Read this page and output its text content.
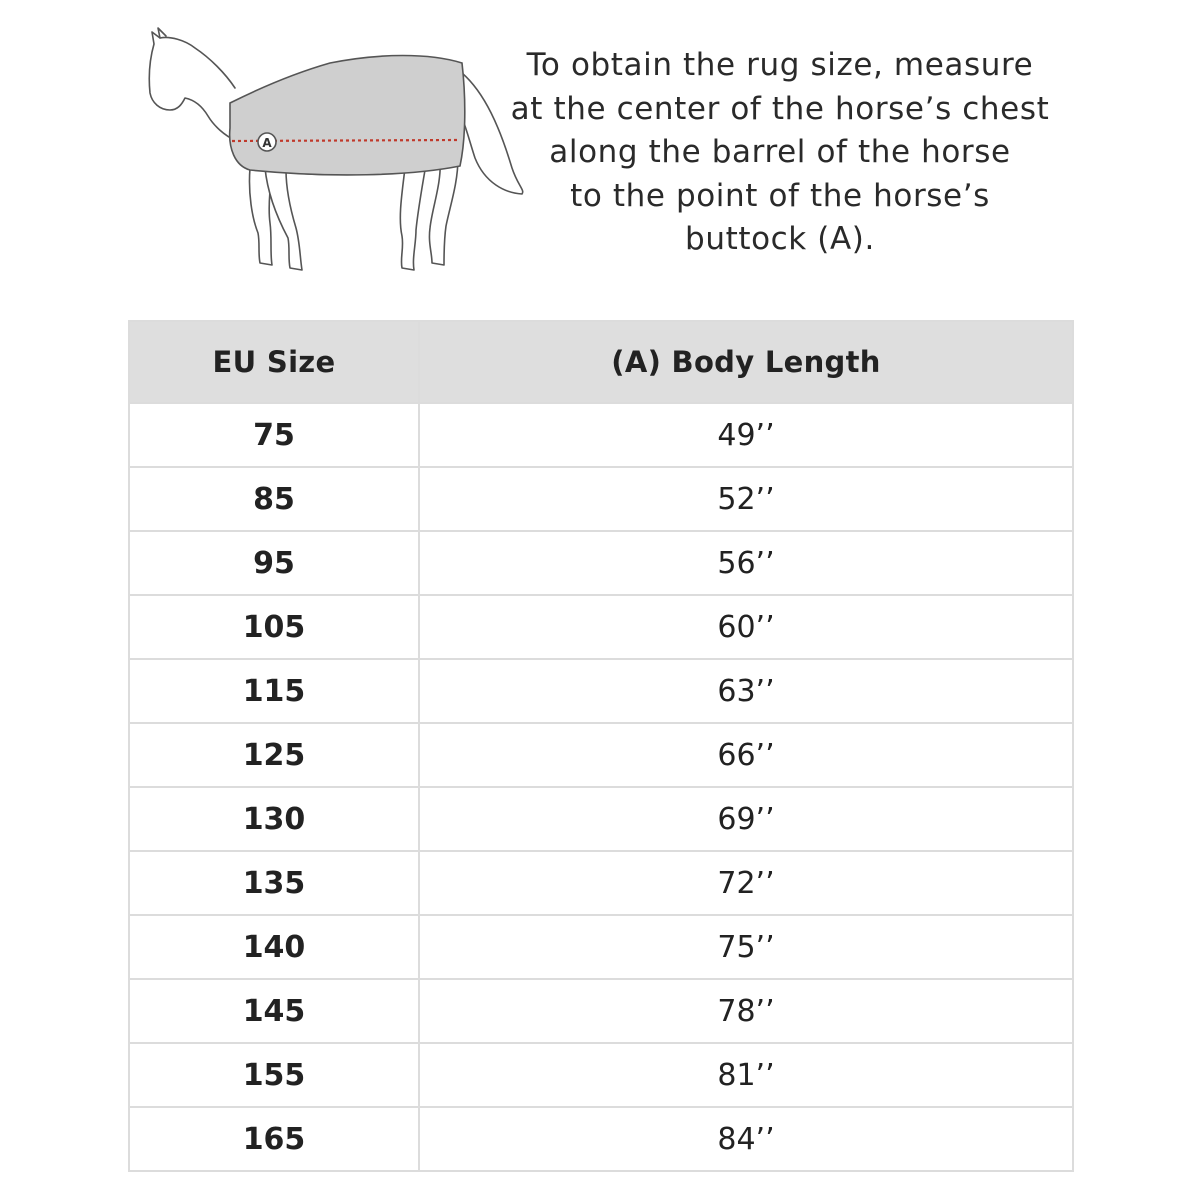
A
To obtain the rug size, measure
at the center of the horse’s chest
along the barrel of the horse
to the point of the horse’s
buttock (A).
EU Size	(A) Body Length
75	49’’
85	52’’
95	56’’
105	60’’
115	63’’
125	66’’
130	69’’
135	72’’
140	75’’
145	78’’
155	81’’
165	84’’
